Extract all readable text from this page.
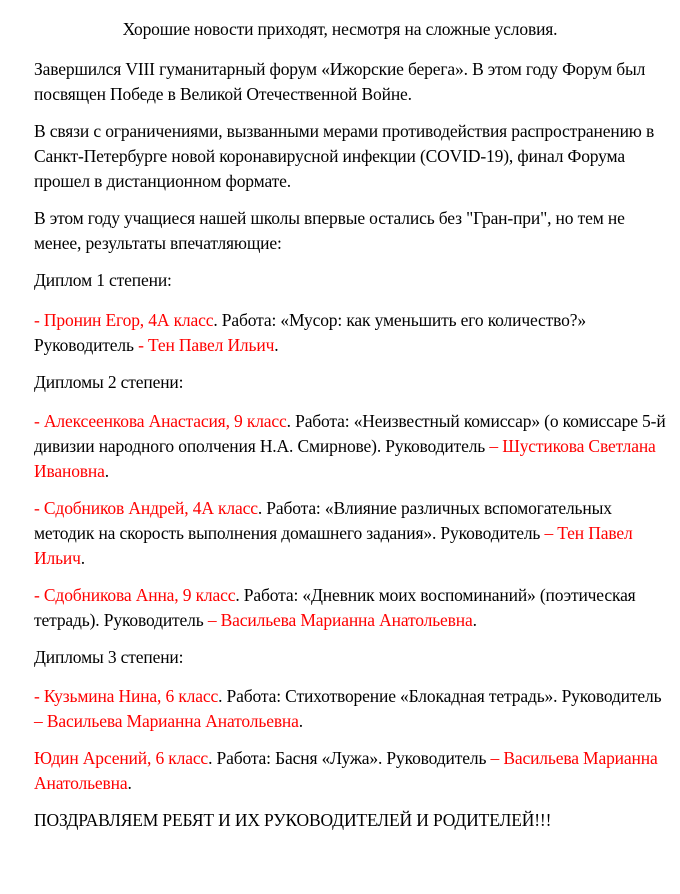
Хорошие новости приходят, несмотря на сложные условия.

Завершился VIII гуманитарный форум «Ижорские берега». В этом году Форум был посвящен Победе в Великой Отечественной Войне.

В связи с ограничениями, вызванными мерами противодействия распространению в Санкт-Петербурге новой коронавирусной инфекции (COVID-19), финал Форума прошел в дистанционном формате.

В этом году учащиеся нашей школы впервые остались без "Гран-при", но тем не менее, результаты впечатляющие:

Диплом 1 степени:

- Пронин Егор, 4А класс. Работа: «Мусор: как уменьшить его количество?» Руководитель - Тен Павел Ильич.

Дипломы 2 степени:

- Алексеенкова Анастасия, 9 класс. Работа: «Неизвестный комиссар» (о комиссаре 5-й дивизии народного ополчения Н.А. Смирнове). Руководитель – Шустикова Светлана Ивановна.

- Сдобников Андрей, 4А класс. Работа: «Влияние различных вспомогательных методик на скорость выполнения домашнего задания». Руководитель – Тен Павел Ильич.

- Сдобникова Анна, 9 класс. Работа: «Дневник моих воспоминаний» (поэтическая тетрадь). Руководитель – Васильева Марианна Анатольевна.

Дипломы 3 степени:

- Кузьмина Нина, 6 класс. Работа: Стихотворение «Блокадная тетрадь». Руководитель – Васильева Марианна Анатольевна.

Юдин Арсений, 6 класс. Работа: Басня «Лужа». Руководитель – Васильева Марианна Анатольевна.

ПОЗДРАВЛЯЕМ РЕБЯТ И ИХ РУКОВОДИТЕЛЕЙ И РОДИТЕЛЕЙ!!!
